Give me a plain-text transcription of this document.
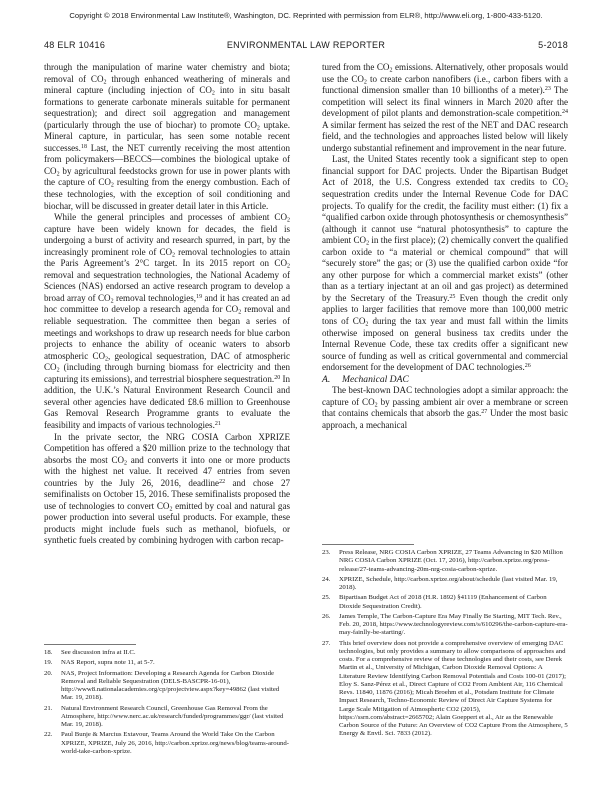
Copyright © 2018 Environmental Law Institute®, Washington, DC. Reprinted with permission from ELR®, http://www.eli.org, 1-800-433-5120.
48 ELR 10416	ENVIRONMENTAL LAW REPORTER	5-2018

through the manipulation of marine water chemistry and biota; removal of $CO_2$ through enhanced weathering of minerals and mineral capture (including injection of $CO_2$ into in situ basalt formations to generate carbonate minerals suitable for permanent sequestration); and direct soil aggregation and management (particularly through the use of biochar) to promote $CO_2$ uptake. Mineral capture, in particular, has seen some notable recent successes.$^{18}$ Last, the NET currently receiving the most attention from policymakers—BECCS—combines the biological uptake of $CO_2$ by agricultural feedstocks grown for use in power plants with the capture of $CO_2$ resulting from the energy combustion. Each of these technologies, with the exception of soil conditioning and biochar, will be discussed in greater detail later in this Article.

While the general principles and processes of ambient $CO_2$ capture have been widely known for decades, the field is undergoing a burst of activity and research spurred, in part, by the increasingly prominent role of $CO_2$ removal technologies to attain the Paris Agreement’s 2°C target. In its 2015 report on $CO_2$ removal and sequestration technologies, the National Academy of Sciences (NAS) endorsed an active research program to develop a broad array of $CO_2$ removal technologies,$^{19}$ and it has created an ad hoc committee to develop a research agenda for $CO_2$ removal and reliable sequestration. The committee then began a series of meetings and workshops to draw up research needs for blue carbon projects to enhance the ability of oceanic waters to absorb atmospheric $CO_2$, geological sequestration, DAC of atmospheric $CO_2$ (including through burning biomass for electricity and then capturing its emissions), and terrestrial biosphere sequestration.$^{20}$ In addition, the U.K.’s Natural Environment Research Council and several other agencies have dedicated £8.6 million to Greenhouse Gas Removal Research Programme grants to evaluate the feasibility and impacts of various technologies.$^{21}$

In the private sector, the NRG COSIA Carbon XPRIZE Competition has offered a $20 million prize to the technology that absorbs the most $CO_2$ and converts it into one or more products with the highest net value. It received 47 entries from seven countries by the July 26, 2016, deadline$^{22}$ and chose 27 semifinalists on October 15, 2016. These semifinalists proposed the use of technologies to convert $CO_2$ emitted by coal and natural gas power production into several useful products. For example, these products might include fuels such as methanol, biofuels, or synthetic fuels created by combining hydrogen with carbon recap-

tured from the $CO_2$ emissions. Alternatively, other proposals would use the $CO_2$ to create carbon nanofibers (i.e., carbon fibers with a functional dimension smaller than 10 billionths of a meter).$^{23}$ The competition will select its final winners in March 2020 after the development of pilot plants and demonstration-scale competition.$^{24}$ A similar ferment has seized the rest of the NET and DAC research field, and the technologies and approaches listed below will likely undergo substantial refinement and improvement in the near future.

Last, the United States recently took a significant step to open financial support for DAC projects. Under the Bipartisan Budget Act of 2018, the U.S. Congress extended tax credits to $CO_2$ sequestration credits under the Internal Revenue Code for DAC projects. To qualify for the credit, the facility must either: (1) fix a “qualified carbon oxide through photosynthesis or chemosynthesis” (although it cannot use “natural photosynthesis” to capture the ambient $CO_2$ in the first place); (2) chemically convert the qualified carbon oxide to “a material or chemical compound” that will “securely store” the gas; or (3) use the qualified carbon oxide “for any other purpose for which a commercial market exists” (other than as a tertiary injectant at an oil and gas project) as determined by the Secretary of the Treasury.$^{25}$ Even though the credit only applies to larger facilities that remove more than 100,000 metric tons of $CO_2$ during the tax year and must fall within the limits otherwise imposed on general business tax credits under the Internal Revenue Code, these tax credits offer a significant new source of funding as well as critical governmental and commercial endorsement for the development of DAC technologies.$^{26}$

A. Mechanical DAC

The best-known DAC technologies adopt a similar approach: the capture of $CO_2$ by passing ambient air over a membrane or screen that contains chemicals that absorb the gas.$^{27}$ Under the most basic approach, a mechanical

18. See discussion infra at II.C.
19. NAS Report, supra note 11, at 5-7.
20. NAS, Project Information: Developing a Research Agenda for Carbon Dioxide Removal and Reliable Sequestration (DELS-BASCPR-16-01), http://www8.nationalacademies.org/cp/projectview.aspx?key=49862 (last visited Mar. 19, 2018).
21. Natural Environment Research Council, Greenhouse Gas Removal From the Atmosphere, http://www.nerc.ac.uk/research/funded/programmes/ggr/ (last visited Mar. 19, 2018).
22. Paul Bunje & Marcius Extavour, Teams Around the World Take On the Carbon XPRIZE, XPRIZE, July 26, 2016, http://carbon.xprize.org/news/blog/teams-around-world-take-carbon-xprize.
23. Press Release, NRG COSIA Carbon XPRIZE, 27 Teams Advancing in $20 Million NRG COSIA Carbon XPRIZE (Oct. 17, 2016), http://carbon.xprize.org/press-release/27-teams-advancing-20m-nrg-cosia-carbon-xprize.
24. XPRIZE, Schedule, http://carbon.xprize.org/about/schedule (last visited Mar. 19, 2018).
25. Bipartisan Budget Act of 2018 (H.R. 1892) §41119 (Enhancement of Carbon Dioxide Sequestration Credit).
26. James Temple, The Carbon-Capture Era May Finally Be Starting, MIT Tech. Rev., Feb. 20, 2018, https://www.technologyreview.com/s/610296/the-carbon-capture-era-may-fainlly-be-starting/.
27. This brief overview does not provide a comprehensive overview of emerging DAC technologies, but only provides a summary to allow comparisons of approaches and costs. For a comprehensive review of these technologies and their costs, see Derek Martin et al., University of Michigan, Carbon Dioxide Removal Options: A Literature Review Identifying Carbon Removal Potentials and Costs 100-01 (2017); Eloy S. Sanz-Pérez et al., Direct Capture of CO2 From Ambient Air, 116 Chemical Revs. 11840, 11876 (2016); Micah Broehm et al., Potsdam Institute for Climate Impact Research, Techno-Economic Review of Direct Air Capture Systems for Large Scale Mitigation of Atmospheric CO2 (2015), https://ssrn.com/abstract=2665702; Alain Goeppert et al., Air as the Renewable Carbon Source of the Future: An Overview of CO2 Capture From the Atmosphere, 5 Energy & Envtl. Sci. 7833 (2012).
